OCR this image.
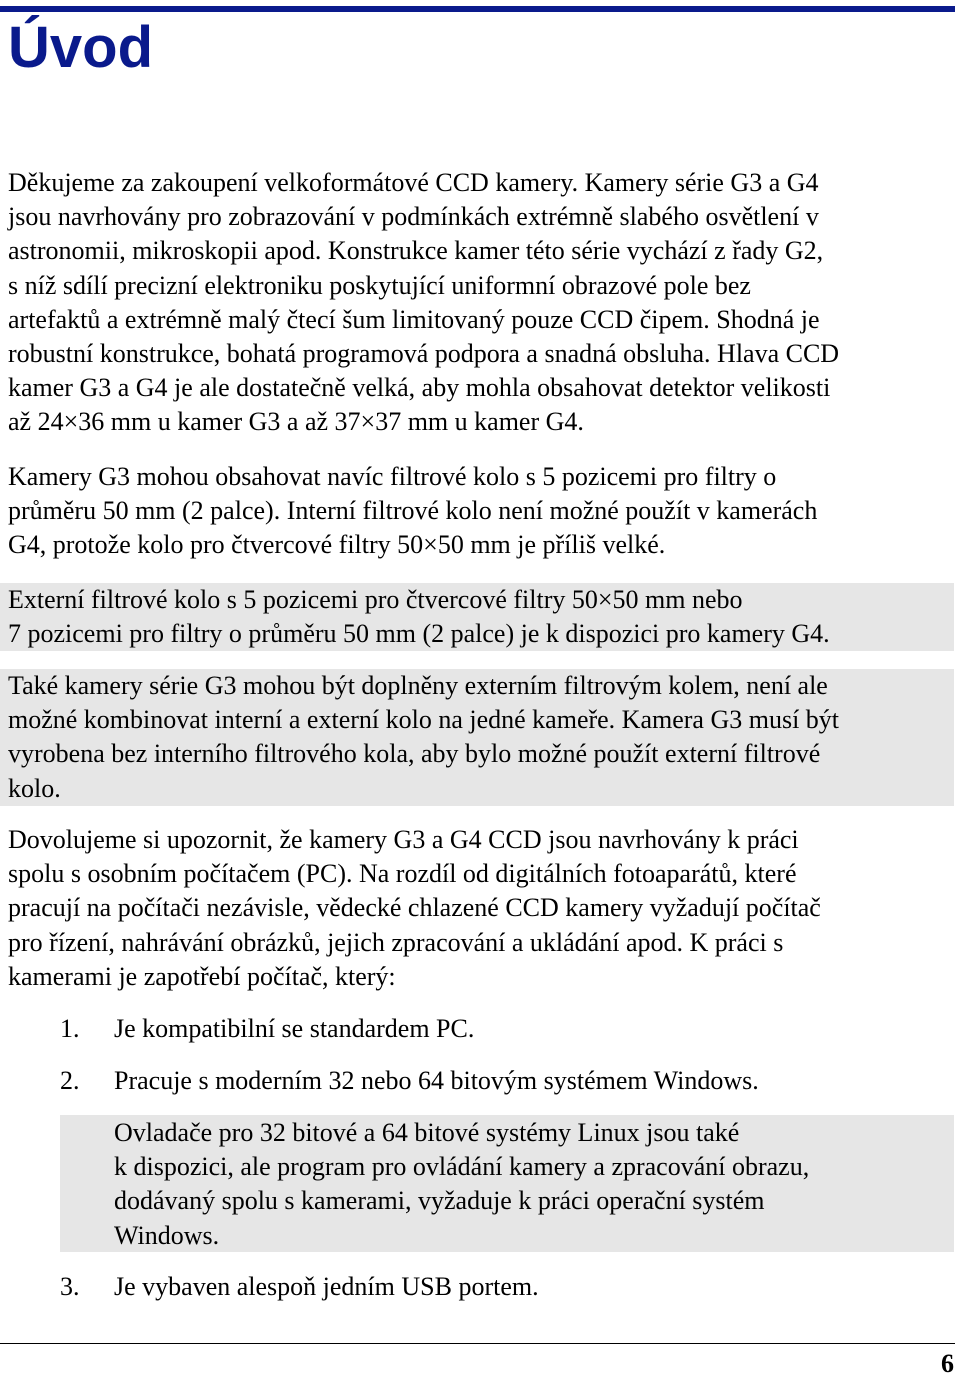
Úvod

Děkujeme za zakoupení velkoformátové CCD kamery. Kamery série G3 a G4
jsou navrhovány pro zobrazování v podmínkách extrémně slabého osvětlení v
astronomii, mikroskopii apod. Konstrukce kamer této série vychází z řady G2,
s níž sdílí precizní elektroniku poskytující uniformní obrazové pole bez
artefaktů a extrémně malý čtecí šum limitovaný pouze CCD čipem. Shodná je
robustní konstrukce, bohatá programová podpora a snadná obsluha. Hlava CCD
kamer G3 a G4 je ale dostatečně velká, aby mohla obsahovat detektor velikosti
až 24×36 mm u kamer G3 a až 37×37 mm u kamer G4.

Kamery G3 mohou obsahovat navíc filtrové kolo s 5 pozicemi pro filtry o
průměru 50 mm (2 palce). Interní filtrové kolo není možné použít v kamerách
G4, protože kolo pro čtvercové filtry 50×50 mm je příliš velké.

Externí filtrové kolo s 5 pozicemi pro čtvercové filtry 50×50 mm nebo
7 pozicemi pro filtry o průměru 50 mm (2 palce) je k dispozici pro kamery G4.

Také kamery série G3 mohou být doplněny externím filtrovým kolem, není ale
možné kombinovat interní a externí kolo na jedné kameře. Kamera G3 musí být
vyrobena bez interního filtrového kola, aby bylo možné použít externí filtrové
kolo.

Dovolujeme si upozornit, že kamery G3 a G4 CCD jsou navrhovány k práci
spolu s osobním počítačem (PC). Na rozdíl od digitálních fotoaparátů, které
pracují na počítači nezávisle, vědecké chlazené CCD kamery vyžadují počítač
pro řízení, nahrávání obrázků, jejich zpracování a ukládání apod. K práci s
kamerami je zapotřebí počítač, který:

1. Je kompatibilní se standardem PC.
2. Pracuje s moderním 32 nebo 64 bitovým systémem Windows.
Ovladače pro 32 bitové a 64 bitové systémy Linux jsou také
k dispozici, ale program pro ovládání kamery a zpracování obrazu,
dodávaný spolu s kamerami, vyžaduje k práci operační systém
Windows.
3. Je vybaven alespoň jedním USB portem.

6
